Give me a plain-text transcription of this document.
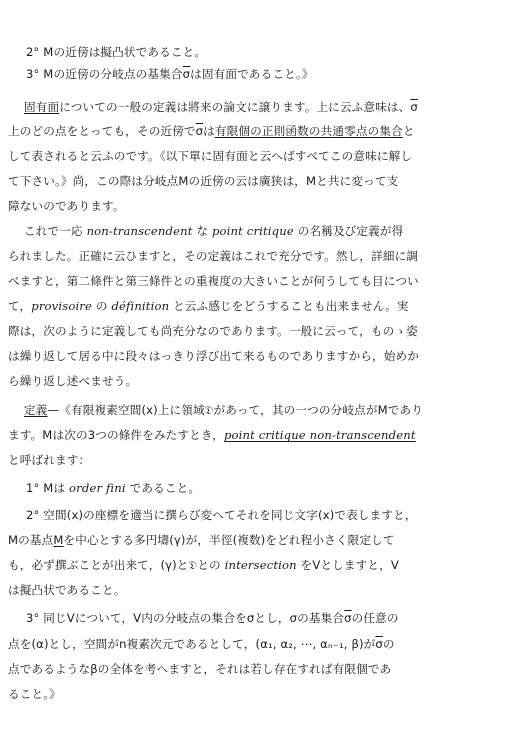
2° Mの近傍は擬凸状であること。
3° Mの近傍の分岐点の基集合$\overline{\sigma}$は固有面であること。》
固有面についての一般の定義は將来の論文に譲ります。上に云ふ意味は、$\overline{\sigma}$
上のどの点をとっても，その近傍で$\overline{\sigma}$は有限個の正則函数の共通零点の集合と
して表されると云ふのです。《以下單に固有面と云へばすべてこの意味に解し
て下さい。》尚，この際は分岐点Mの近傍の云は廣狭は，Mと共に変って支
障ないのであります。
これで一応 non-transcendent な point critique の名稱及び定義が得
られました。正確に云ひますと，その定義はこれで充分です。然し，詳細に調
べますと，第二條件と第三條件との重複度の大きいことが何うしても目につい
て，provisoire の définition と云ふ感じをどうすることも出来ません。実
際は，次のように定義しても尚充分なのであります。一般に云って，ものゝ姿
は繰り返して居る中に段々はっきり浮び出て来るものでありますから，始めか
ら繰り返し述べませう。
定義—《有限複素空間(x)上に領域𝔇があって，其の一つの分岐点がMであり
ます。Mは次の3つの條件をみたすとき，point critique non-transcendent
と呼ばれます：
1° Mは order fini であること。
2° 空間(x)の座標を適当に撰らび変へてそれを同じ文字(x)で表しますと，
Mの基点Mを中心とする多円壔(γ)が，半徑(複数)をどれ程小さく限定して
も，必ず撰ぶことが出来て，(γ)と𝔇との intersection をVとしますと，V
は擬凸状であること。
3° 同じVについて，V内の分岐点の集合をσとし，σの基集合$\overline{\sigma}$の任意の
点を(α)とし，空間がn複素次元であるとして，(α₁, α₂, ⋯, αₙ₋₁, β)が$\overline{\sigma}$の
点であるようなβの全体を考へますと，それは若し存在すれば有限個であ
ること。》
